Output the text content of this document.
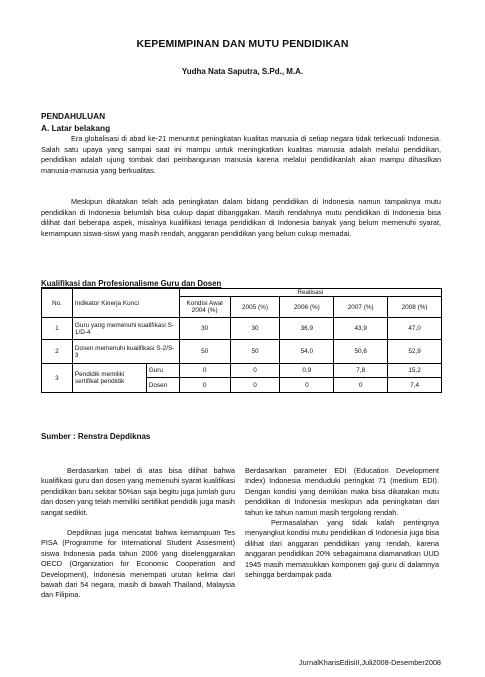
KEPEMIMPINAN DAN MUTU PENDIDIKAN
Yudha Nata Saputra, S.Pd., M.A.
PENDAHULUAN
A. Latar belakang

Era globalisasi di abad ke-21 menuntut peningkatan kualitas manusia di setiap negara tidak terkecuali Indonesia. Salah satu upaya yang sampai saat ini mampu untuk meningkatkan kualitas manusia adalah melalui pendidikan, pendidikan adalah ujung tombak dari pembangunan manusia karena melalui pendidikanlah akan mampu dihasilkan manusia-manusia yang berkualitas.

Meskipun dikatakan telah ada peningkatan dalam bidang pendidikan di Indonesia namun tampaknya mutu pendidikan di Indonesia belumlah bisa cukup dapat dibanggakan. Masih rendahnya mutu pendidikan di Indonesia bisa dilihat dari beberapa aspek, misalnya kualifikasi tenaga pendidikan di Indonesia banyak yang belum memenuhi syarat, kemampuan siswa-siswi yang masih rendah, anggaran pendidikan yang belum cukup memadai.

Kualifikasi dan Profesionalisme Guru dan Dosen
No.	Indikator Kinerja Kunci		Realisasi				
			Kondisi Awal 2004 (%)	2005 (%)	2006 (%)	2007 (%)	2008 (%)
1	Guru yang memenuhi kualifikasi S-1/D-4		30	30	36,9	43,9	47,0
2	Dosen memenuhi kualifikasi S-2/S-3		50	50	54,0	50,6	52,9
3	Pendidik memiliki sertifikat pendidik	Guru	0	0	0,9	7,8	15,2
		Dosen	0	0	0	0	7,4
Sumber : Renstra Depdiknas

Berdasarkan tabel di atas bisa dilihat bahwa kualifikasi guru dan dosen yang memenuhi syarat kualifikasi pendidikan baru sekitar 50%an saja begitu juga jumlah guru dan dosen yang telah memiliki sertifikat pendidik juga masih sangat sedikit.

Depdiknas juga mencatat bahwa kemampuan Tes PISA (Programme for International Student Assesment) siswa Indonesia pada tahun 2006 yang diselenggarakan OECD (Organization for Economic Cooperation and Development), Indonesia menempati urutan kelima dari bawah dari 54 negara, masih di bawah Thailand, Malaysia dan Filipina.

Berdasarkan parameter EDI (Education Development Index) Indonesia menduduki peringkat 71 (medium EDI). Dengan kondisi yang demikian maka bisa dikatakan mutu pendidikan di Indonesia meskipun ada peningkatan dari tahun ke tahun namun masih tergolong rendah.

Permasalahan yang tidak kalah pentingnya menyangkut kondisi mutu pendidikan di Indonesia juga bisa dilihat dari anggaran pendidikan yang rendah, karena anggaran pendidikan 20% sebagaimana diamanatkan UUD 1945 masih memasukkan komponen gaji guru di dalamnya sehingga berdampak pada

JurnalKharisEdisiII,Juli2008-Desember2008
